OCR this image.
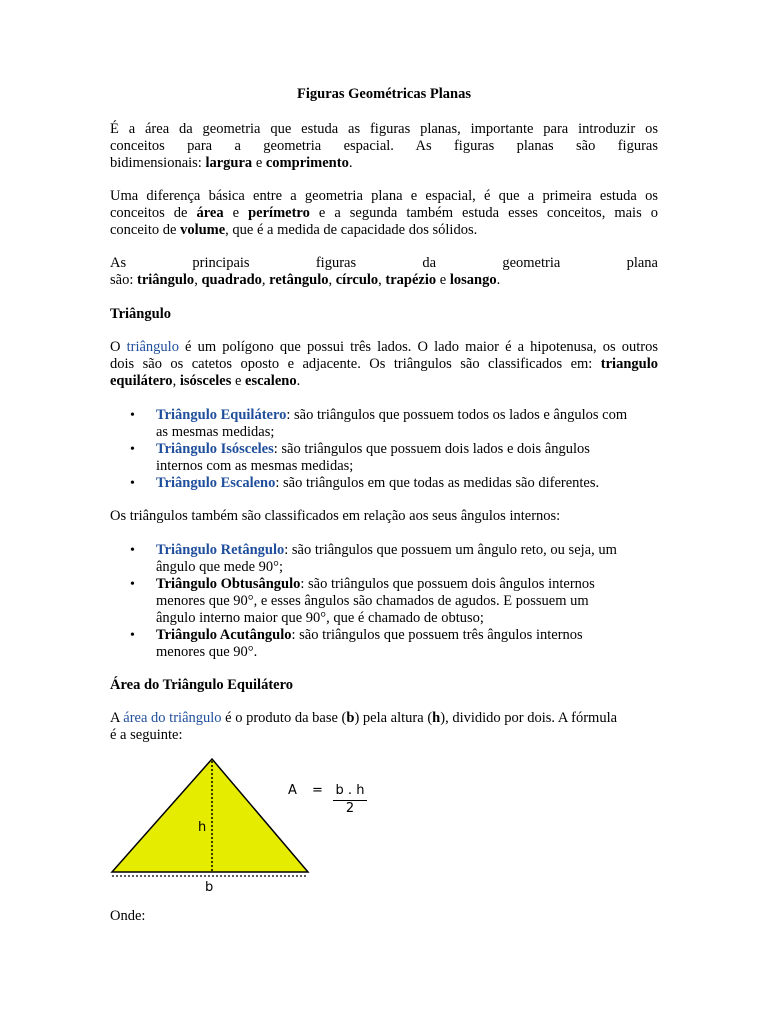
Figuras Geométricas Planas
É a área da geometria que estuda as figuras planas, importante para introduzir os
conceitos para a geometria espacial. As figuras planas são figuras
bidimensionais: largura e comprimento.
Uma diferença básica entre a geometria plana e espacial, é que a primeira estuda os
conceitos de área e perímetro e a segunda também estuda esses conceitos, mais o
conceito de volume, que é a medida de capacidade dos sólidos.
As principais figuras da geometria plana
são: triângulo, quadrado, retângulo, círculo, trapézio e losango.
Triângulo
O triângulo é um polígono que possui três lados. O lado maior é a hipotenusa, os outros
dois são os catetos oposto e adjacente. Os triângulos são classificados em: triangulo
equilátero, isósceles e escaleno.
• Triângulo Equilátero: são triângulos que possuem todos os lados e ângulos com
as mesmas medidas;
• Triângulo Isósceles: são triângulos que possuem dois lados e dois ângulos
internos com as mesmas medidas;
• Triângulo Escaleno: são triângulos em que todas as medidas são diferentes.
Os triângulos também são classificados em relação aos seus ângulos internos:
• Triângulo Retângulo: são triângulos que possuem um ângulo reto, ou seja, um
ângulo que mede 90°;
• Triângulo Obtusângulo: são triângulos que possuem dois ângulos internos
menores que 90°, e esses ângulos são chamados de agudos. E possuem um
ângulo interno maior que 90°, que é chamado de obtuso;
• Triângulo Acutângulo: são triângulos que possuem três ângulos internos
menores que 90°.
Área do Triângulo Equilátero
A área do triângulo é o produto da base (b) pela altura (h), dividido por dois. A fórmula
é a seguinte:
Onde:
h
b
A = b . h
2
